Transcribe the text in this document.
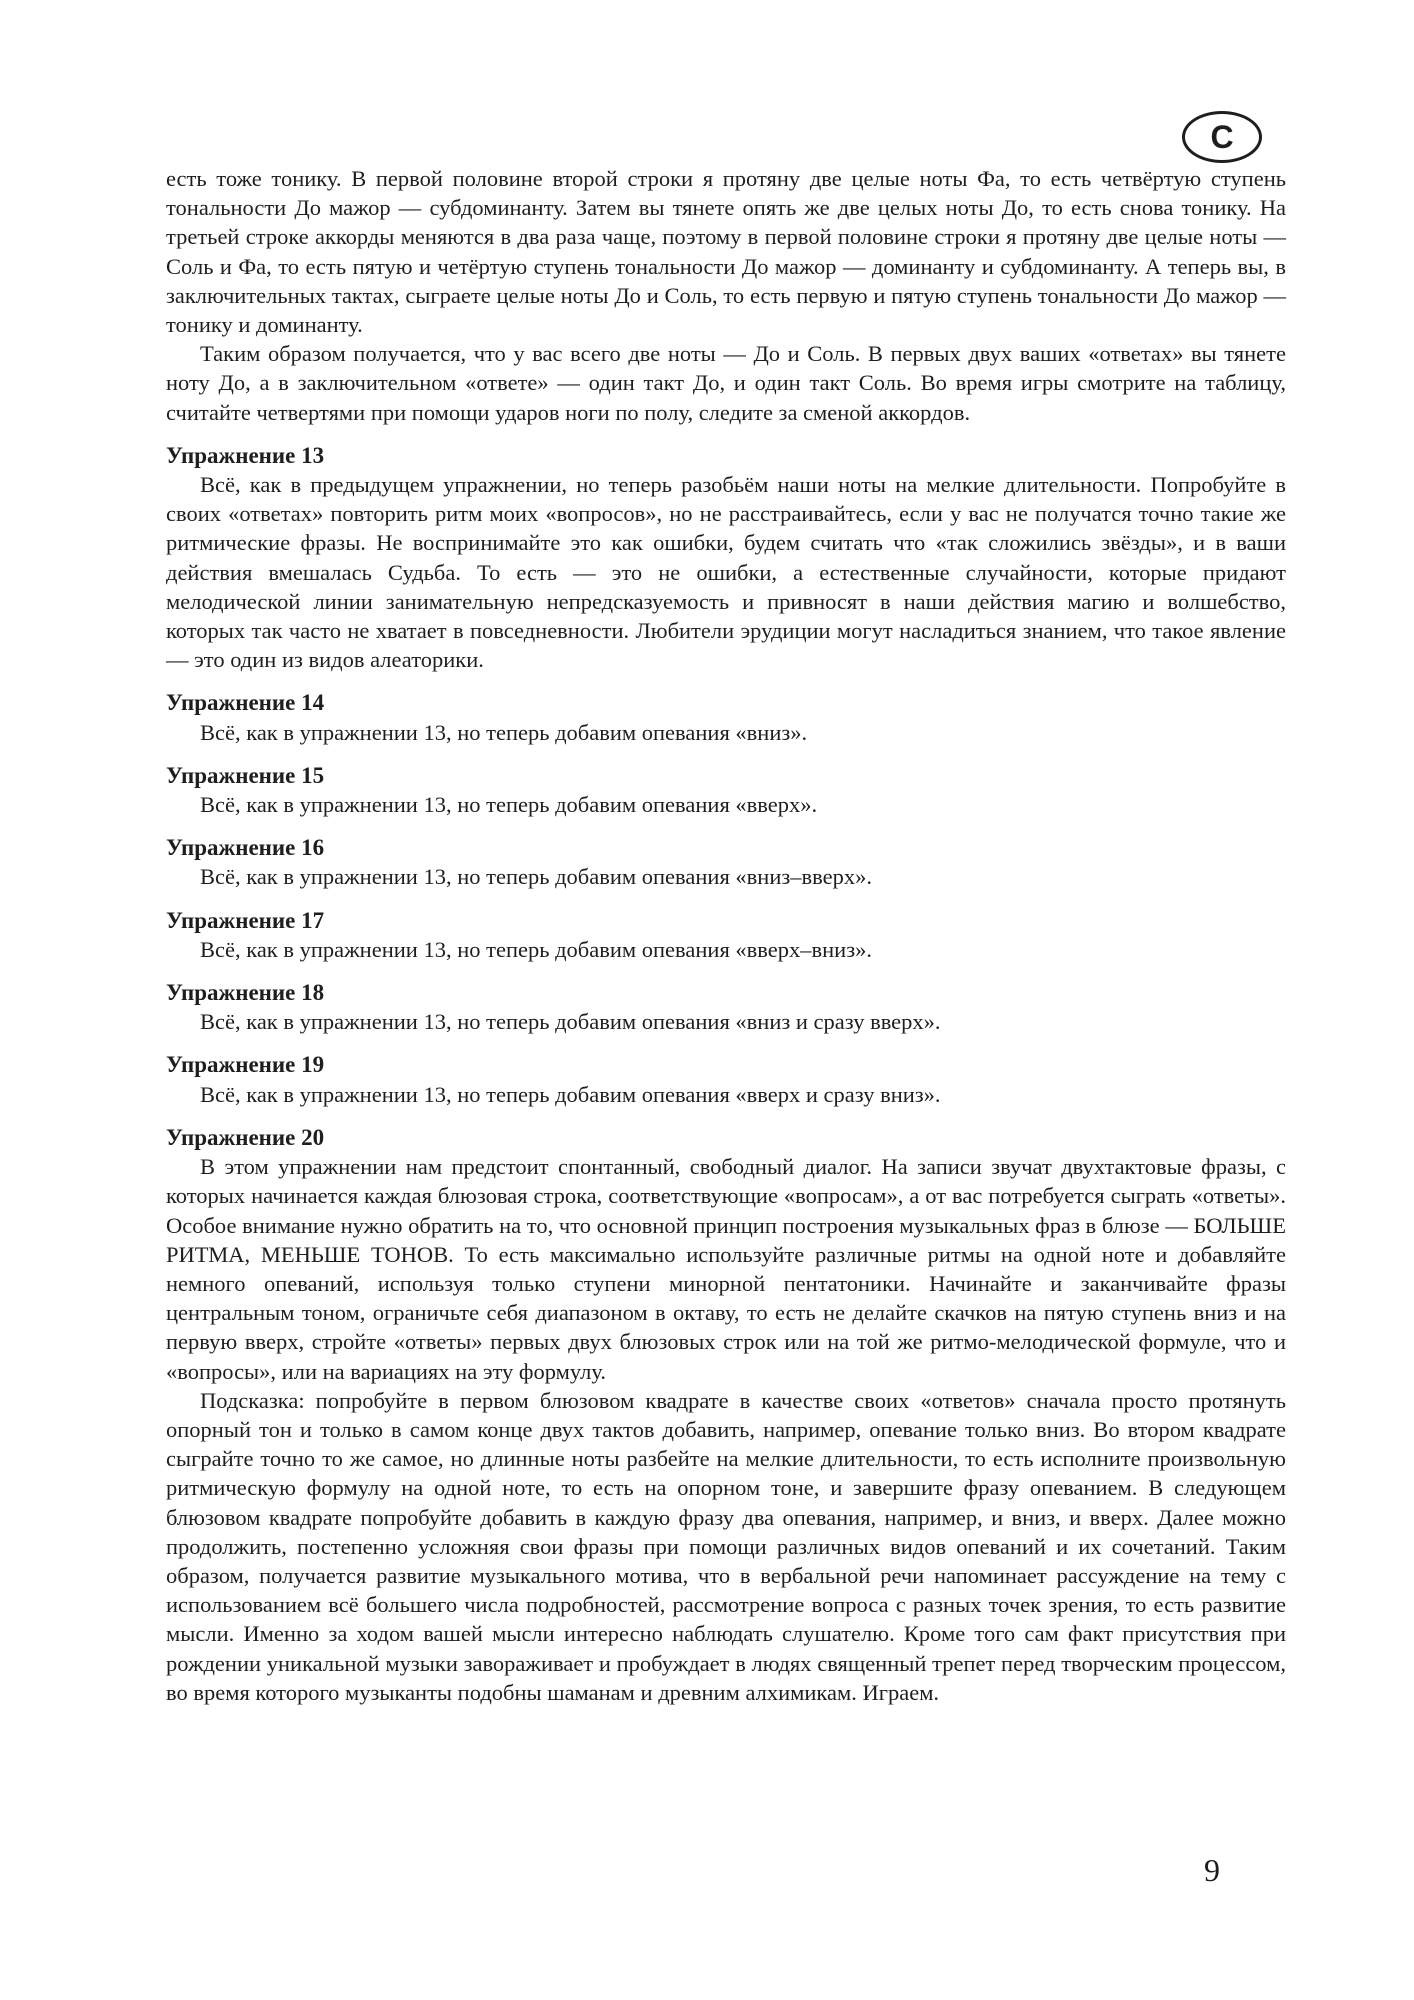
есть тоже тонику. В первой половине второй строки я протяну две целые ноты Фа, то есть четвёртую ступень тональности До мажор — субдоминанту. Затем вы тянете опять же две целых ноты До, то есть снова тонику. На третьей строке аккорды меняются в два раза чаще, поэтому в первой половине строки я протяну две целые ноты — Соль и Фа, то есть пятую и четёртую ступень тональности До мажор — доминанту и субдоминанту. А теперь вы, в заключительных тактах, сыграете целые ноты До и Соль, то есть первую и пятую ступень тональности До мажор — тонику и доминанту.

Таким образом получается, что у вас всего две ноты — До и Соль. В первых двух ваших «ответах» вы тянете ноту До, а в заключительном «ответе» — один такт До, и один такт Соль. Во время игры смотрите на таблицу, считайте четвертями при помощи ударов ноги по полу, следите за сменой аккордов.

Упражнение 13

Всё, как в предыдущем упражнении, но теперь разобьём наши ноты на мелкие длительности. Попробуйте в своих «ответах» повторить ритм моих «вопросов», но не расстраивайтесь, если у вас не получатся точно такие же ритмические фразы. Не воспринимайте это как ошибки, будем считать что «так сложились звёзды», и в ваши действия вмешалась Судьба. То есть — это не ошибки, а естественные случайности, которые придают мелодической линии занимательную непредсказуемость и привносят в наши действия магию и волшебство, которых так часто не хватает в повседневности. Любители эрудиции могут насладиться знанием, что такое явление — это один из видов алеаторики.

Упражнение 14

Всё, как в упражнении 13, но теперь добавим опевания «вниз».

Упражнение 15

Всё, как в упражнении 13, но теперь добавим опевания «вверх».

Упражнение 16

Всё, как в упражнении 13, но теперь добавим опевания «вниз–вверх».

Упражнение 17

Всё, как в упражнении 13, но теперь добавим опевания «вверх–вниз».

Упражнение 18

Всё, как в упражнении 13, но теперь добавим опевания «вниз и сразу вверх».

Упражнение 19

Всё, как в упражнении 13, но теперь добавим опевания «вверх и сразу вниз».

Упражнение 20

В этом упражнении нам предстоит спонтанный, свободный диалог. На записи звучат двухтактовые фразы, с которых начинается каждая блюзовая строка, соответствующие «вопросам», а от вас потребуется сыграть «ответы». Особое внимание нужно обратить на то, что основной принцип построения музыкальных фраз в блюзе — БОЛЬШЕ РИТМА, МЕНЬШЕ ТОНОВ. То есть максимально используйте различные ритмы на одной ноте и добавляйте немного опеваний, используя только ступени минорной пентатоники. Начинайте и заканчивайте фразы центральным тоном, ограничьте себя диапазоном в октаву, то есть не делайте скачков на пятую ступень вниз и на первую вверх, стройте «ответы» первых двух блюзовых строк или на той же ритмо-мелодической формуле, что и «вопросы», или на вариациях на эту формулу.

Подсказка: попробуйте в первом блюзовом квадрате в качестве своих «ответов» сначала просто протянуть опорный тон и только в самом конце двух тактов добавить, например, опевание только вниз. Во втором квадрате сыграйте точно то же самое, но длинные ноты разбейте на мелкие длительности, то есть исполните произвольную ритмическую формулу на одной ноте, то есть на опорном тоне, и завершите фразу опеванием. В следующем блюзовом квадрате попробуйте добавить в каждую фразу два опевания, например, и вниз, и вверх. Далее можно продолжить, постепенно усложняя свои фразы при помощи различных видов опеваний и их сочетаний. Таким образом, получается развитие музыкального мотива, что в вербальной речи напоминает рассуждение на тему с использованием всё большего числа подробностей, рассмотрение вопроса с разных точек зрения, то есть развитие мысли. Именно за ходом вашей мысли интересно наблюдать слушателю. Кроме того сам факт присутствия при рождении уникальной музыки завораживает и пробуждает в людях священный трепет перед творческим процессом, во время которого музыканты подобны шаманам и древним алхимикам. Играем.

C
9
